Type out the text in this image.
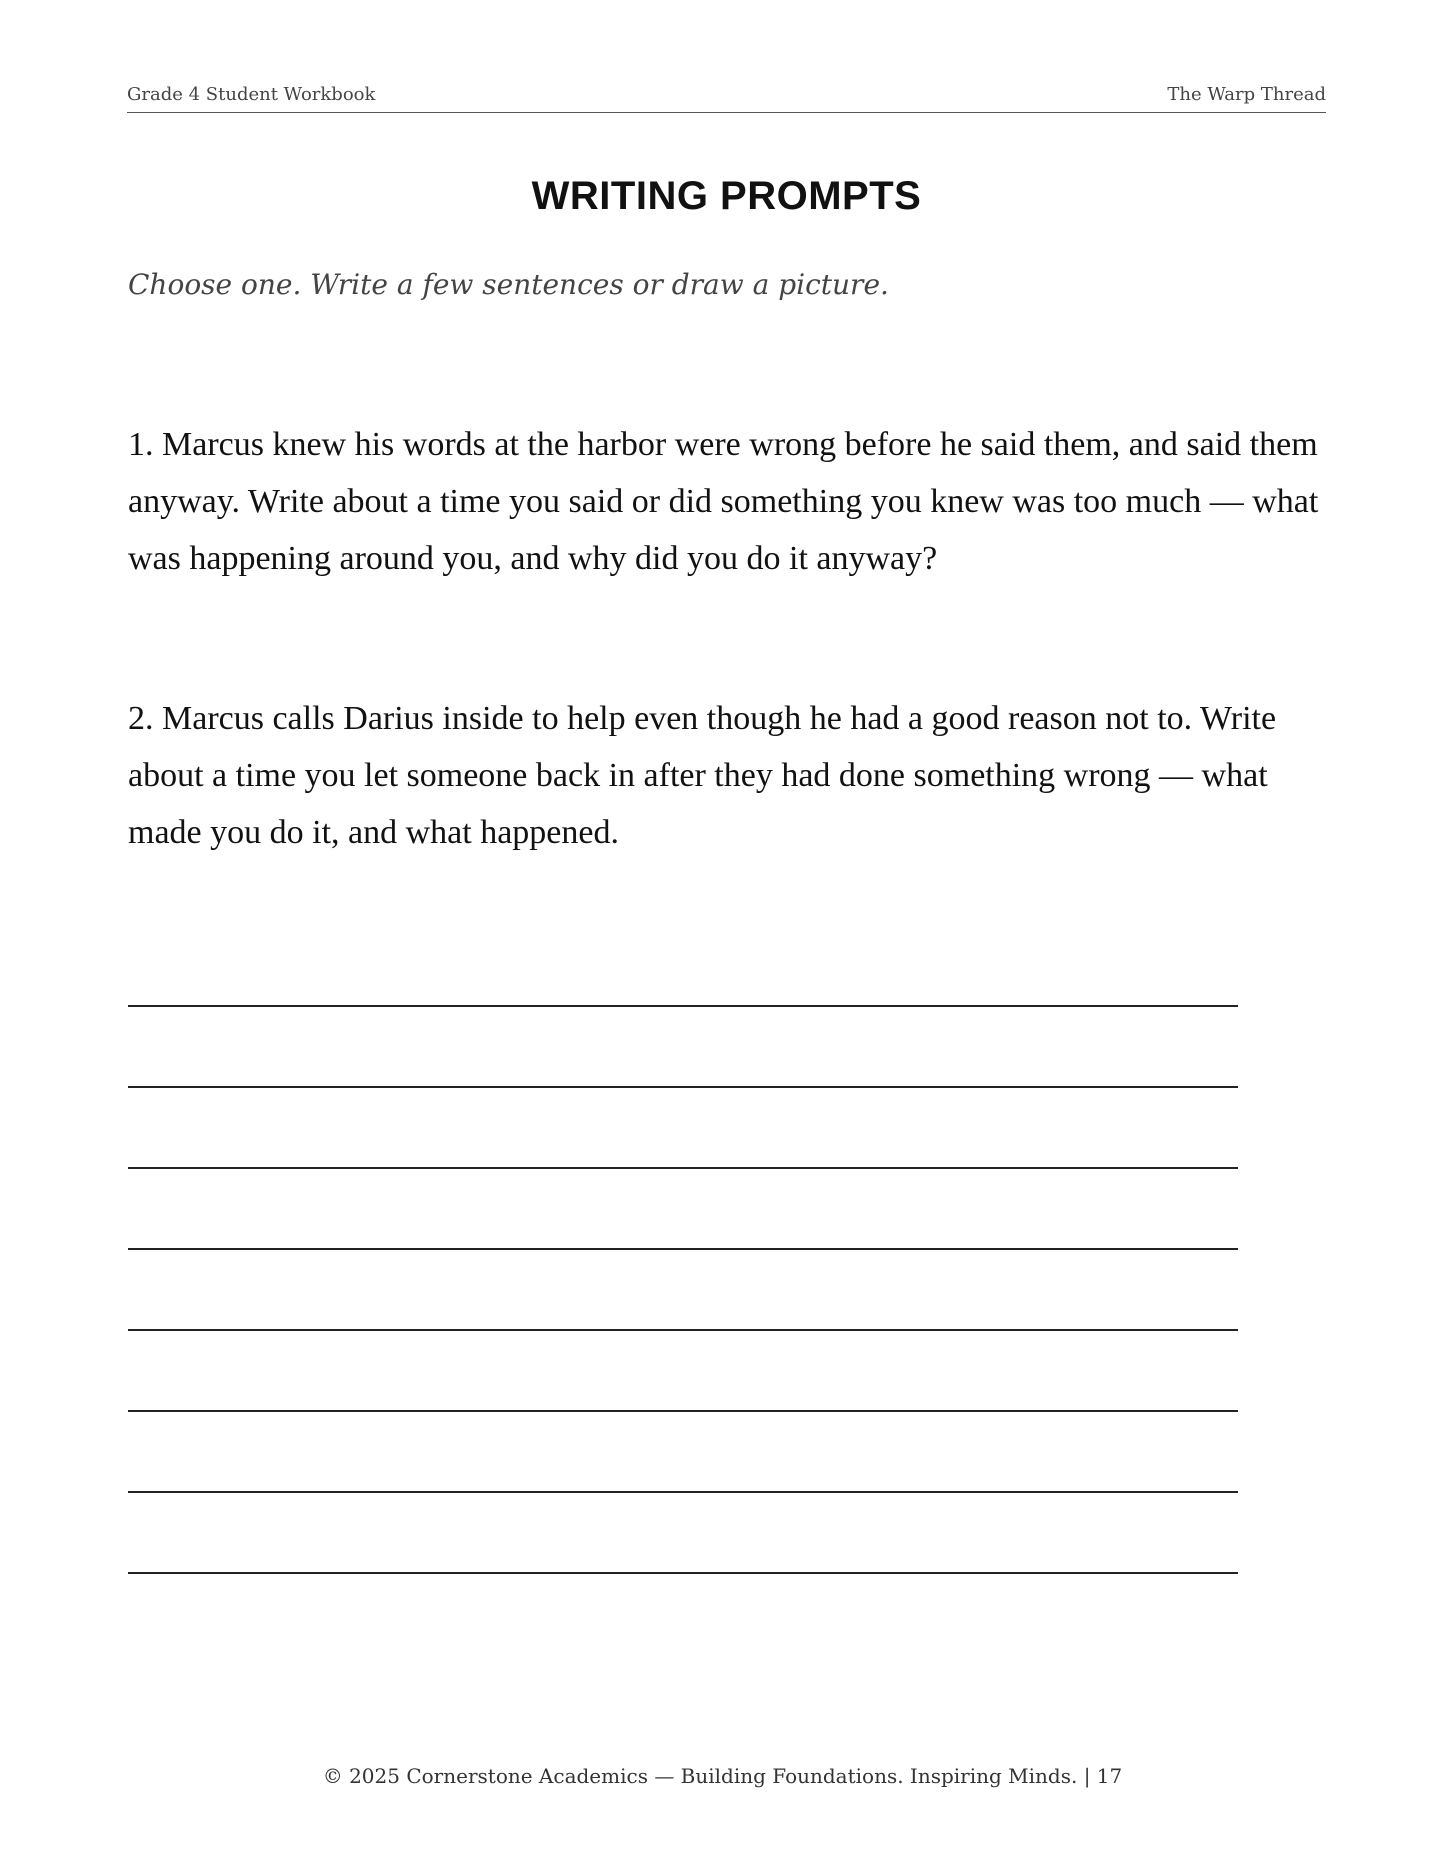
Grade 4 Student Workbook	The Warp Thread
WRITING PROMPTS
Choose one. Write a few sentences or draw a picture.
1. Marcus knew his words at the harbor were wrong before he said them, and said them anyway. Write about a time you said or did something you knew was too much — what was happening around you, and why did you do it anyway?
2. Marcus calls Darius inside to help even though he had a good reason not to. Write about a time you let someone back in after they had done something wrong — what made you do it, and what happened.
© 2025 Cornerstone Academics — Building Foundations. Inspiring Minds. | 17
